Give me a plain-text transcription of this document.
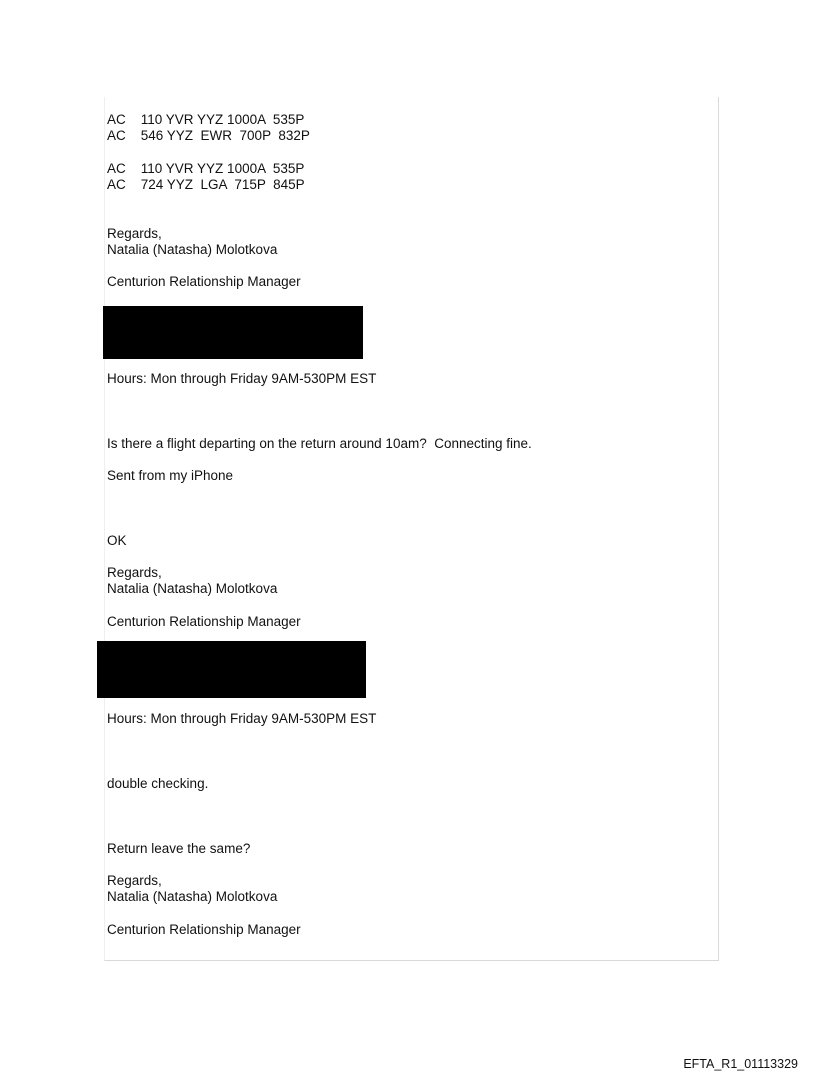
AC    110 YVR YYZ 1000A  535P

AC    546 YYZ  EWR  700P  832P

AC    110 YVR YYZ 1000A  535P

AC    724 YYZ  LGA  715P  845P

Regards,

Natalia (Natasha) Molotkova

Centurion Relationship Manager

Hours: Mon through Friday 9AM-530PM EST

Is there a flight departing on the return around 10am?  Connecting fine.

Sent from my iPhone

OK

Regards,

Natalia (Natasha) Molotkova

Centurion Relationship Manager

Hours: Mon through Friday 9AM-530PM EST

double checking.

Return leave the same?

Regards,

Natalia (Natasha) Molotkova

Centurion Relationship Manager

EFTA_R1_01113329
